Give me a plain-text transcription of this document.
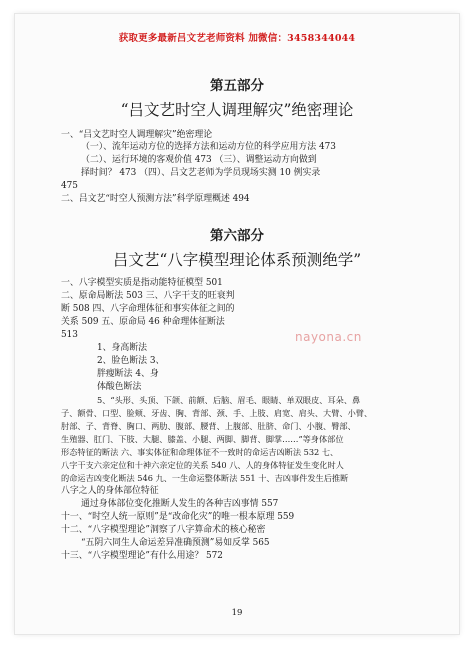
获取更多最新吕文艺老师资料 加微信：3458344044
第五部分
“吕文艺时空人调理解灾”绝密理论
一、“吕文艺时空人调理解灾”绝密理论
（一）、流年运动方位的选择方法和运动方位的科学应用方法 473
（二）、运行环境的客观价值 473 （三）、调整运动方向做到
择时间？ 473 （四）、吕文艺老师为学员现场实测 10 例实录
475
二、吕文艺“时空人预测方法”科学原理概述 494
第六部分
吕文艺“八字模型理论体系预测绝学”
一、八字模型实质是指动能特征模型 501
二、原命局断法 503 三、八字干支的旺衰判
断 508 四、八字命理体征和事实体征之间的
关系 509 五、原命局 46 种命理体征断法
513
1、身高断法
2、脸色断法 3、
胖瘦断法 4、身
体酸色断法
5、“头形、头顶、下颌、前额、后脑、眉毛、眼睛、单双眼皮、耳朵、鼻
子、额骨、口型、脸颊、牙齿、胸、背部、颈、手、上肢、肩宽、肩头、大臂、小臂、
肘部、子、背脊、胸口、两肋、腹部、腰背、上腹部、肚脐、命门、小腹、臀部、
生殖器、肛门、下肢、大腿、膝盖、小腿、两脚、脚背、脚掌……”等身体部位
形态特征的断法 六、事实体征和命理体征不一致时的命运吉凶断法 532 七、
八字干支六亲定位和十神六亲定位的关系 540 八、人的身体特征发生变化时人
的命运吉凶变化断法 546 九、一生命运整体断法 551 十、吉凶事件发生后推断
八字之人的身体部位特征
通过身体部位变化推断人发生的各种吉凶事情 557
十一、“时空人统一原则”是“改命化灾”的唯一根本原理 559
十二、“八字模型理论”洞察了八字算命术的核心秘密
“五阴六同生人命运差异准确预测”易如反掌 565
十三、“八字模型理论”有什么用途？ 572
nayona.cn
19
